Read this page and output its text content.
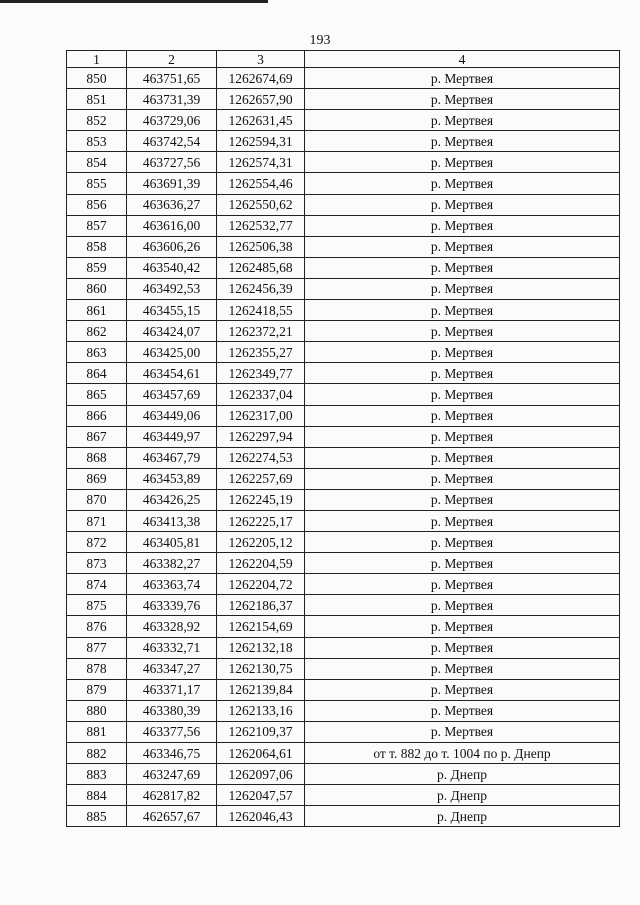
193
1	2	3	4
850	463751,65	1262674,69	р. Мертвея
851	463731,39	1262657,90	р. Мертвея
852	463729,06	1262631,45	р. Мертвея
853	463742,54	1262594,31	р. Мертвея
854	463727,56	1262574,31	р. Мертвея
855	463691,39	1262554,46	р. Мертвея
856	463636,27	1262550,62	р. Мертвея
857	463616,00	1262532,77	р. Мертвея
858	463606,26	1262506,38	р. Мертвея
859	463540,42	1262485,68	р. Мертвея
860	463492,53	1262456,39	р. Мертвея
861	463455,15	1262418,55	р. Мертвея
862	463424,07	1262372,21	р. Мертвея
863	463425,00	1262355,27	р. Мертвея
864	463454,61	1262349,77	р. Мертвея
865	463457,69	1262337,04	р. Мертвея
866	463449,06	1262317,00	р. Мертвея
867	463449,97	1262297,94	р. Мертвея
868	463467,79	1262274,53	р. Мертвея
869	463453,89	1262257,69	р. Мертвея
870	463426,25	1262245,19	р. Мертвея
871	463413,38	1262225,17	р. Мертвея
872	463405,81	1262205,12	р. Мертвея
873	463382,27	1262204,59	р. Мертвея
874	463363,74	1262204,72	р. Мертвея
875	463339,76	1262186,37	р. Мертвея
876	463328,92	1262154,69	р. Мертвея
877	463332,71	1262132,18	р. Мертвея
878	463347,27	1262130,75	р. Мертвея
879	463371,17	1262139,84	р. Мертвея
880	463380,39	1262133,16	р. Мертвея
881	463377,56	1262109,37	р. Мертвея
882	463346,75	1262064,61	от т. 882 до т. 1004 по р. Днепр
883	463247,69	1262097,06	р. Днепр
884	462817,82	1262047,57	р. Днепр
885	462657,67	1262046,43	р. Днепр
